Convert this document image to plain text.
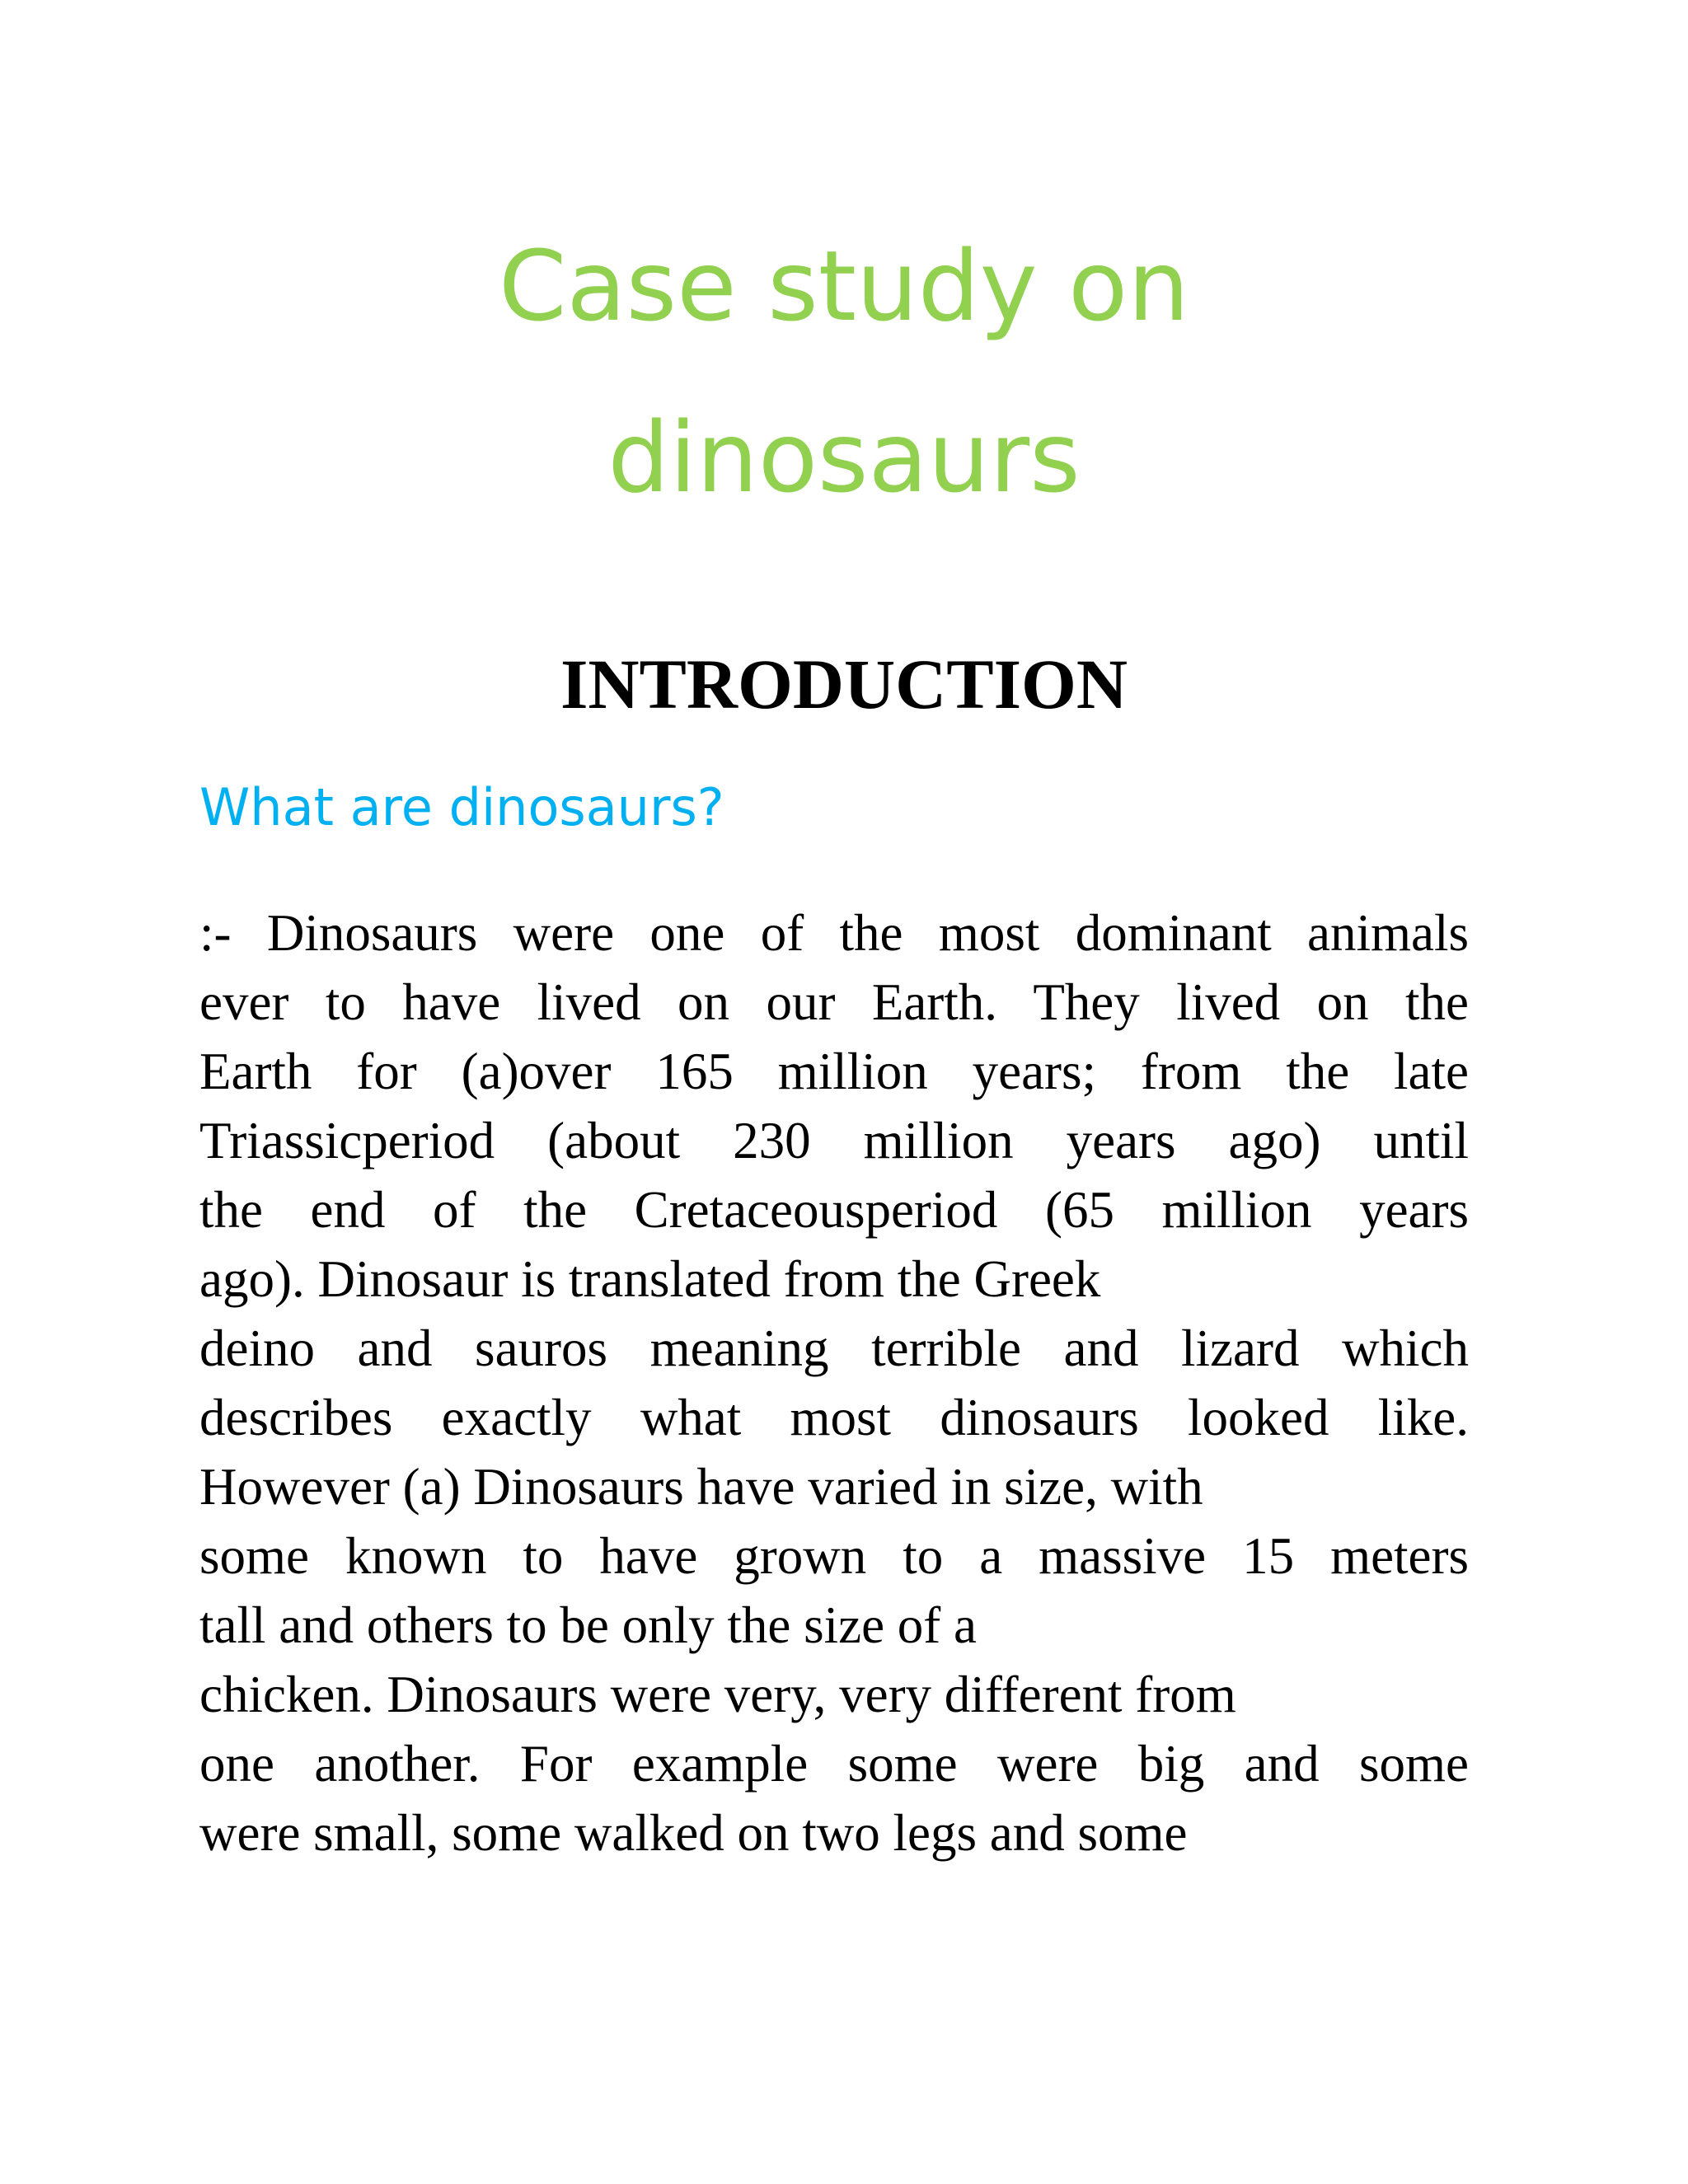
Case study on
dinosaurs
INTRODUCTION
What are dinosaurs?
:- Dinosaurs were one of the most dominant animals
ever to have lived on our Earth. They lived on the
Earth for (a)over 165 million years; from the late
Triassicperiod (about 230 million years ago) until
the end of the Cretaceousperiod (65 million years
ago). Dinosaur is translated from the Greek
deino and sauros meaning terrible and lizard which
describes exactly what most dinosaurs looked like.
However (a) Dinosaurs have varied in size, with
some known to have grown to a massive 15 meters
tall and others to be only the size of a
chicken. Dinosaurs were very, very different from
one another. For example some were big and some
were small, some walked on two legs and some
